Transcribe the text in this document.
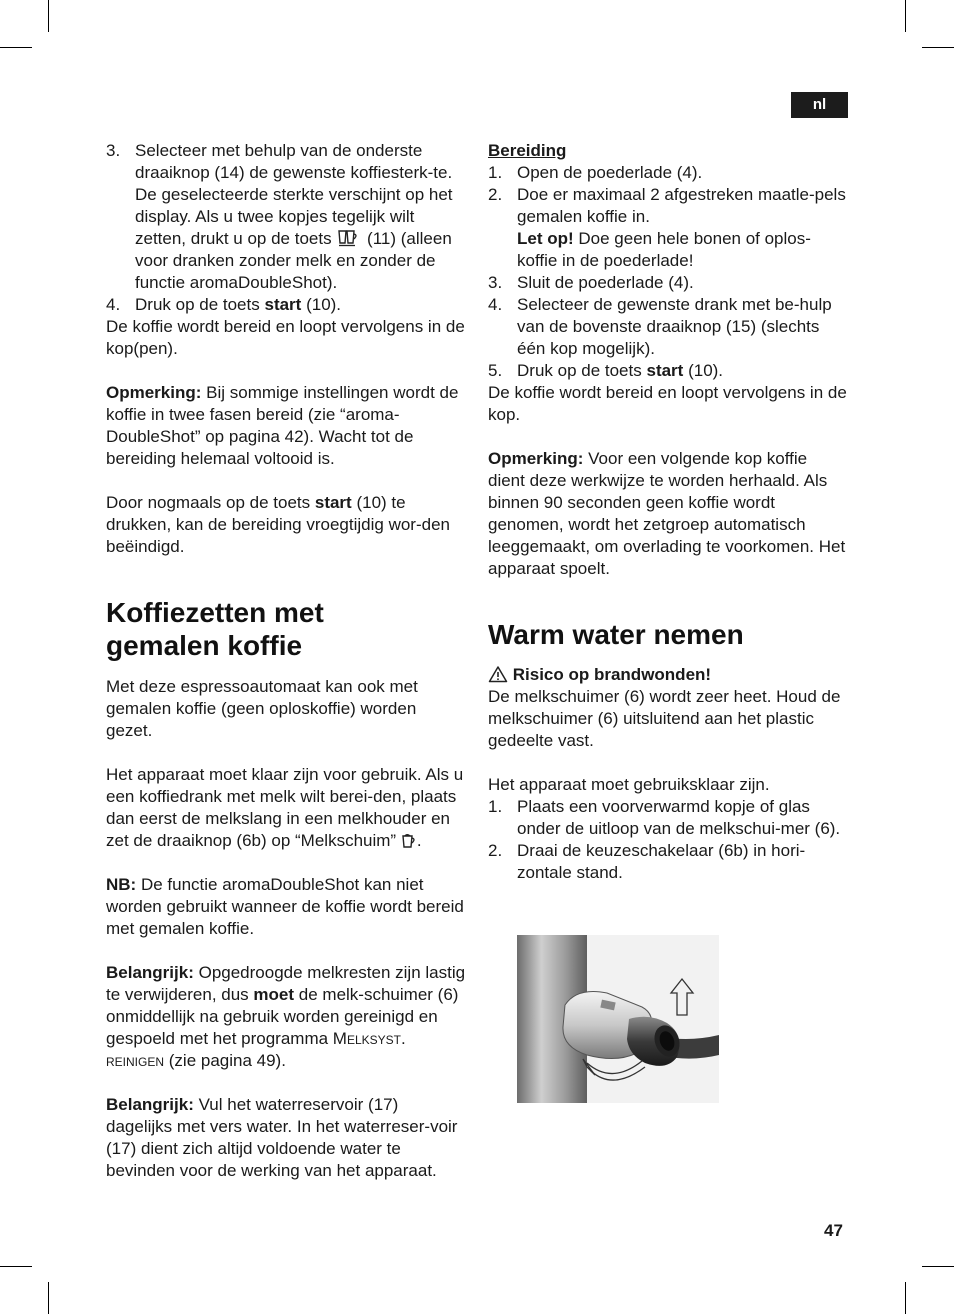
nl
3. Selecteer met behulp van de onderste draaiknop (14) de gewenste koffiesterk-te. De geselecteerde sterkte verschijnt op het display. Als u twee kopjes tegelijk wilt zetten, drukt u op de toets (11) (alleen voor dranken zonder melk en zonder de functie aromaDoubleShot).
4. Druk op de toets start (10).

De koffie wordt bereid en loopt vervolgens in de kop(pen).

Opmerking: Bij sommige instellingen wordt de koffie in twee fasen bereid (zie “aroma-DoubleShot” op pagina 42). Wacht tot de bereiding helemaal voltooid is.

Door nogmaals op de toets start (10) te drukken, kan de bereiding vroegtijdig wor-den beëindigd.

Koffiezetten met
gemalen koffie

Met deze espressoautomaat kan ook met gemalen koffie (geen oploskoffie) worden gezet.

Het apparaat moet klaar zijn voor gebruik. Als u een koffiedrank met melk wilt berei-den, plaats dan eerst de melkslang in een melkhouder en zet de draaiknop (6b) op “Melkschuim” .

NB: De functie aromaDoubleShot kan niet worden gebruikt wanneer de koffie wordt bereid met gemalen koffie.

Belangrijk: Opgedroogde melkresten zijn lastig te verwijderen, dus moet de melk-schuimer (6) onmiddellijk na gebruik worden gereinigd en gespoeld met het programma Melksyst. reinigen (zie pagina 49).

Belangrijk: Vul het waterreservoir (17) dagelijks met vers water. In het waterreser-voir (17) dient zich altijd voldoende water te bevinden voor de werking van het apparaat.

Bereiding

1. Open de poederlade (4).
2. Doe er maximaal 2 afgestreken maatle-pels gemalen koffie in.
Let op! Doe geen hele bonen of oplos-koffie in de poederlade!
3. Sluit de poederlade (4).
4. Selecteer de gewenste drank met be-hulp van de bovenste draaiknop (15) (slechts één kop mogelijk).
5. Druk op de toets start (10).

De koffie wordt bereid en loopt vervolgens in de kop.

Opmerking: Voor een volgende kop koffie dient deze werkwijze te worden herhaald. Als binnen 90 seconden geen koffie wordt genomen, wordt het zetgroep automatisch leeggemaakt, om overlading te voorkomen. Het apparaat spoelt.

Warm water nemen

Risico op brandwonden!

De melkschuimer (6) wordt zeer heet. Houd de melkschuimer (6) uitsluitend aan het plastic gedeelte vast.

Het apparaat moet gebruiksklaar zijn.

1. Plaats een voorverwarmd kopje of glas onder de uitloop van de melkschui-mer (6).
2. Draai de keuzeschakelaar (6b) in hori-zontale stand.
47
